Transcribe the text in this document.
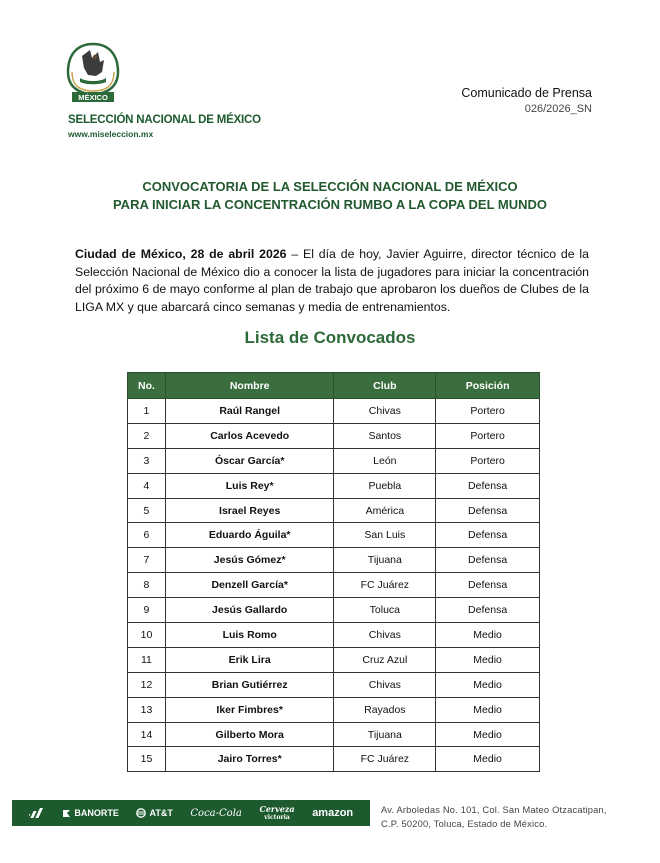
MÉXICO
SELECCIÓN NACIONAL DE MÉXICO
www.miseleccion.mx
Comunicado de Prensa
026/2026_SN
CONVOCATORIA DE LA SELECCIÓN NACIONAL DE MÉXICO
PARA INICIAR LA CONCENTRACIÓN RUMBO A LA COPA DEL MUNDO
Ciudad de México, 28 de abril 2026 – El día de hoy, Javier Aguirre, director técnico de la Selección Nacional de México dio a conocer la lista de jugadores para iniciar la concentración del próximo 6 de mayo conforme al plan de trabajo que aprobaron los dueños de Clubes de la LIGA MX y que abarcará cinco semanas y media de entrenamientos.
Lista de Convocados
No.	Nombre	Club	Posición
1	Raúl Rangel	Chivas	Portero
2	Carlos Acevedo	Santos	Portero
3	Óscar García*	León	Portero
4	Luis Rey*	Puebla	Defensa
5	Israel Reyes	América	Defensa
6	Eduardo Águila*	San Luis	Defensa
7	Jesús Gómez*	Tijuana	Defensa
8	Denzell García*	FC Juárez	Defensa
9	Jesús Gallardo	Toluca	Defensa
10	Luis Romo	Chivas	Medio
11	Erik Lira	Cruz Azul	Medio
12	Brian Gutiérrez	Chivas	Medio
13	Iker Fimbres*	Rayados	Medio
14	Gilberto Mora	Tijuana	Medio
15	Jairo Torres*	FC Juárez	Medio
BANORTE	AT&T Coca-Cola Cerveza
victoria	amazon	Av. Arboledas No. 101, Col. San Mateo Otzacatipan,
C.P. 50200, Toluca, Estado de México.
